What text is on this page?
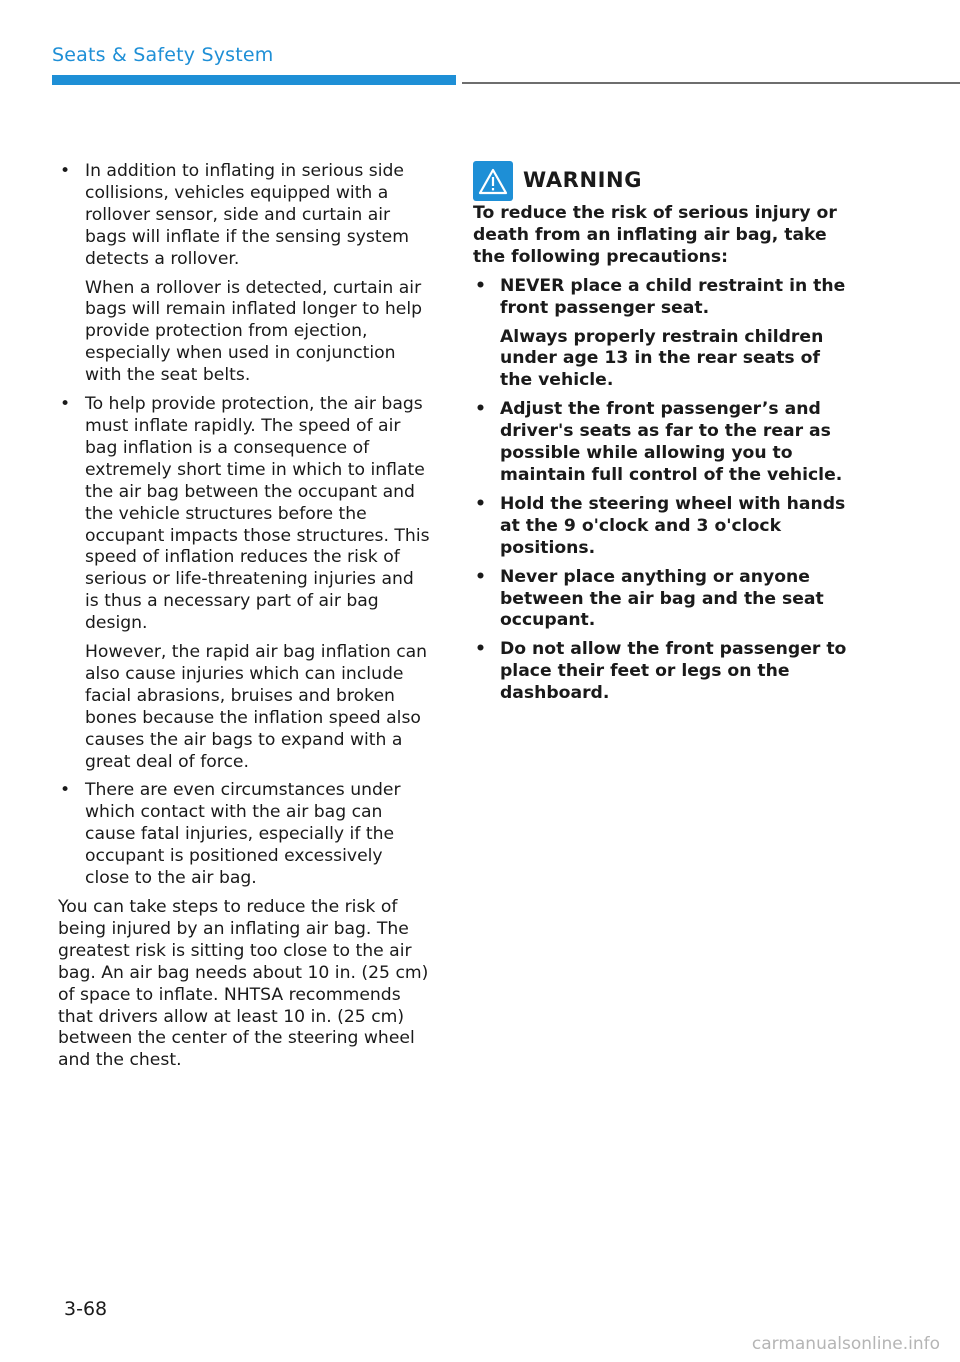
Seats & Safety System
• In addition to inflating in serious side collisions, vehicles equipped with a rollover sensor, side and curtain air bags will inflate if the sensing system detects a rollover.
When a rollover is detected, curtain air bags will remain inflated longer to help provide protection from ejection, especially when used in conjunction with the seat belts.
• To help provide protection, the air bags must inflate rapidly. The speed of air bag inflation is a consequence of extremely short time in which to inflate the air bag between the occupant and the vehicle structures before the occupant impacts those structures. This speed of inflation reduces the risk of serious or life-threatening injuries and is thus a necessary part of air bag design.
However, the rapid air bag inflation can also cause injuries which can include facial abrasions, bruises and broken bones because the inflation speed also causes the air bags to expand with a great deal of force.
• There are even circumstances under which contact with the air bag can cause fatal injuries, especially if the occupant is positioned excessively close to the air bag.

You can take steps to reduce the risk of being injured by an inflating air bag. The greatest risk is sitting too close to the air bag. An air bag needs about 10 in. (25 cm) of space to inflate. NHTSA recommends that drivers allow at least 10 in. (25 cm) between the center of the steering wheel and the chest.

WARNING

To reduce the risk of serious injury or death from an inflating air bag, take the following precautions:

• NEVER place a child restraint in the front passenger seat.
Always properly restrain children under age 13 in the rear seats of the vehicle.
• Adjust the front passenger’s and driver's seats as far to the rear as possible while allowing you to maintain full control of the vehicle.
• Hold the steering wheel with hands at the 9 o'clock and 3 o'clock positions.
• Never place anything or anyone between the air bag and the seat occupant.
• Do not allow the front passenger to place their feet or legs on the dashboard.
3-68
carmanualsonline.info
